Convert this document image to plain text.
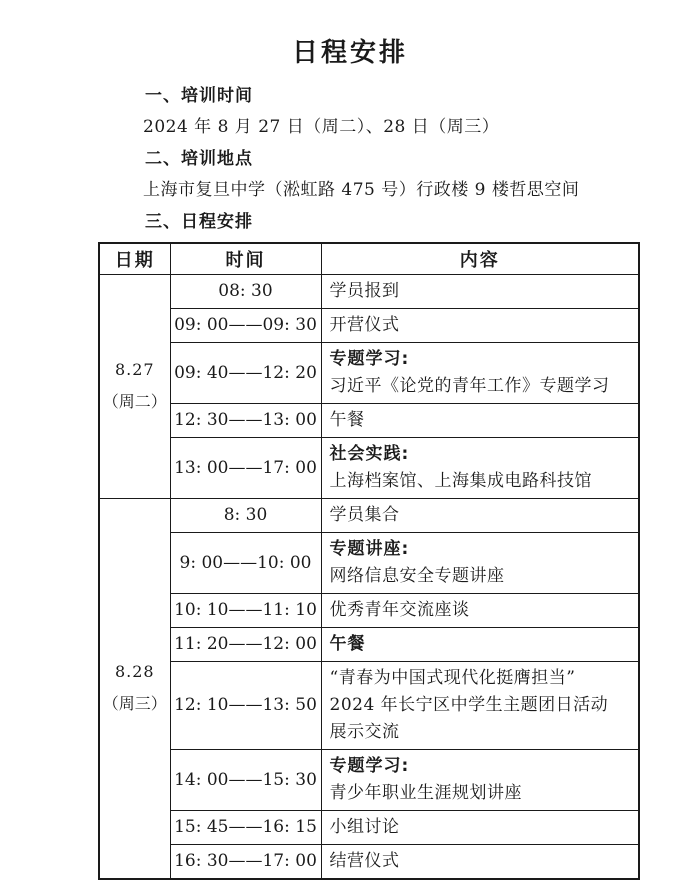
日程安排
一、培训时间
2024 年 8 月 27 日（周二）、28 日（周三）
二、培训地点
上海市复旦中学（淞虹路 475 号）行政楼 9 楼哲思空间
三、日程安排
日期	时间	内容

8.27
（周二）	08: 30	学员报到

	09: 00——09: 30	开营仪式

	09: 40——12: 20	专题学习:
习近平《论党的青年工作》专题学习

	12: 30——13: 00	午餐

	13: 00——17: 00	社会实践:
上海档案馆、上海集成电路科技馆

8.28
（周三）	8: 30	学员集合

	9: 00——10: 00	专题讲座:
网络信息安全专题讲座

	10: 10——11: 10	优秀青年交流座谈

	11: 20——12: 00	午餐

	12: 10——13: 50	“青春为中国式现代化挺膺担当”
2024 年长宁区中学生主题团日活动
展示交流

	14: 00——15: 30	专题学习:
青少年职业生涯规划讲座

	15: 45——16: 15	小组讨论

	16: 30——17: 00	结营仪式
